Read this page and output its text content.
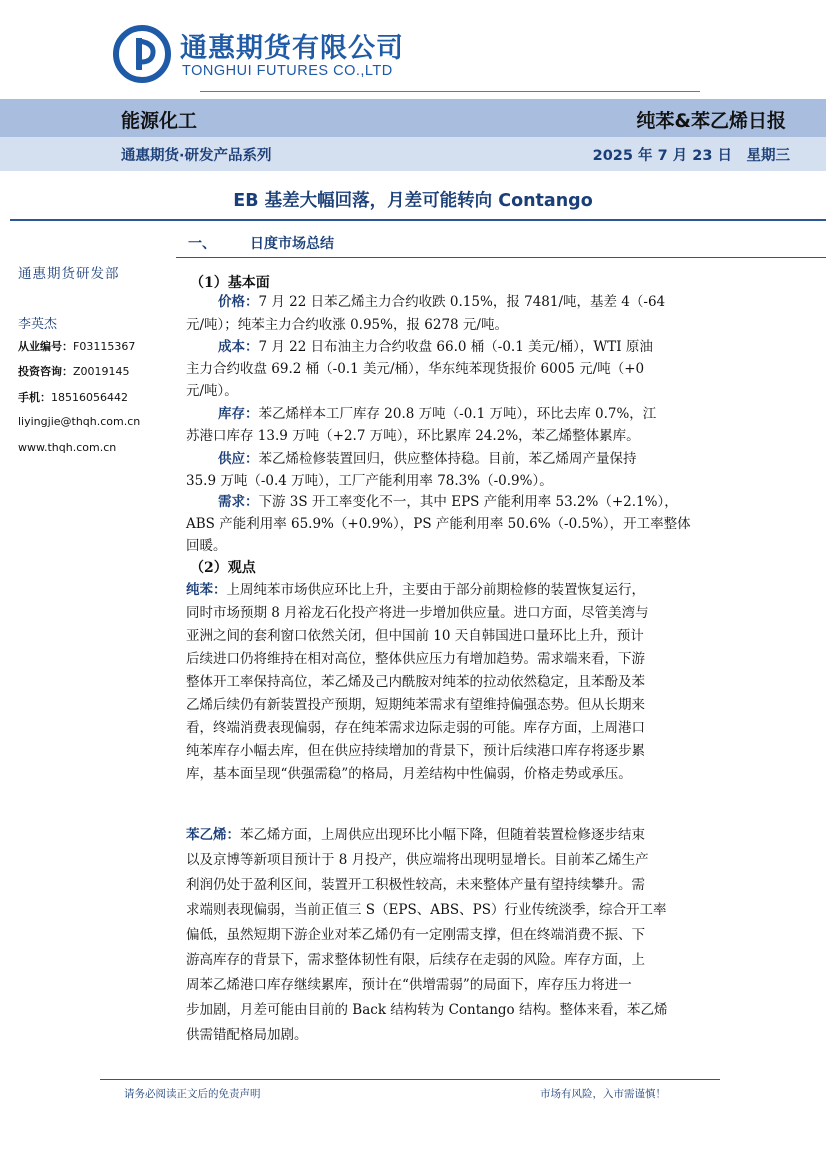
通惠期货有限公司
TONGHUI FUTURES CO.,LTD
能源化工	纯苯&苯乙烯日报
通惠期货·研发产品系列	2025 年 7 月 23 日　星期三
EB 基差大幅回落，月差可能转向 Contango
通惠期货研发部
李英杰
从业编号：F03115367
投资咨询：Z0019145
手机：18516056442
liyingjie@thqh.com.cn
www.thqh.com.cn
一、 日度市场总结
（1）基本面
价格：7 月 22 日苯乙烯主力合约收跌 0.15%，报 7481/吨，基差 4（-64
元/吨）；纯苯主力合约收涨 0.95%，报 6278 元/吨。
成本：7 月 22 日布油主力合约收盘 66.0 桶（-0.1 美元/桶），WTI 原油
主力合约收盘 69.2 桶（-0.1 美元/桶），华东纯苯现货报价 6005 元/吨（+0
元/吨）。
库存：苯乙烯样本工厂库存 20.8 万吨（-0.1 万吨），环比去库 0.7%，江
苏港口库存 13.9 万吨（+2.7 万吨），环比累库 24.2%，苯乙烯整体累库。
供应：苯乙烯检修装置回归，供应整体持稳。目前，苯乙烯周产量保持
35.9 万吨（-0.4 万吨），工厂产能利用率 78.3%（-0.9%）。
需求：下游 3S 开工率变化不一，其中 EPS 产能利用率 53.2%（+2.1%），
ABS 产能利用率 65.9%（+0.9%），PS 产能利用率 50.6%（-0.5%），开工率整体
回暖。
（2）观点
纯苯：上周纯苯市场供应环比上升，主要由于部分前期检修的装置恢复运行，
同时市场预期 8 月裕龙石化投产将进一步增加供应量。进口方面，尽管美湾与
亚洲之间的套利窗口依然关闭，但中国前 10 天自韩国进口量环比上升，预计
后续进口仍将维持在相对高位，整体供应压力有增加趋势。需求端来看，下游
整体开工率保持高位，苯乙烯及己内酰胺对纯苯的拉动依然稳定，且苯酚及苯
乙烯后续仍有新装置投产预期，短期纯苯需求有望维持偏强态势。但从长期来
看，终端消费表现偏弱，存在纯苯需求边际走弱的可能。库存方面，上周港口
纯苯库存小幅去库，但在供应持续增加的背景下，预计后续港口库存将逐步累
库，基本面呈现“供强需稳”的格局，月差结构中性偏弱，价格走势或承压。
苯乙烯：苯乙烯方面，上周供应出现环比小幅下降，但随着装置检修逐步结束
以及京博等新项目预计于 8 月投产，供应端将出现明显增长。目前苯乙烯生产
利润仍处于盈利区间，装置开工积极性较高，未来整体产量有望持续攀升。需
求端则表现偏弱，当前正值三 S（EPS、ABS、PS）行业传统淡季，综合开工率
偏低，虽然短期下游企业对苯乙烯仍有一定刚需支撑，但在终端消费不振、下
游高库存的背景下，需求整体韧性有限，后续存在走弱的风险。库存方面，上
周苯乙烯港口库存继续累库，预计在“供增需弱”的局面下，库存压力将进一
步加剧，月差可能由目前的 Back 结构转为 Contango 结构。整体来看，苯乙烯
供需错配格局加剧。
请务必阅读正文后的免责声明	市场有风险，入市需谨慎！
